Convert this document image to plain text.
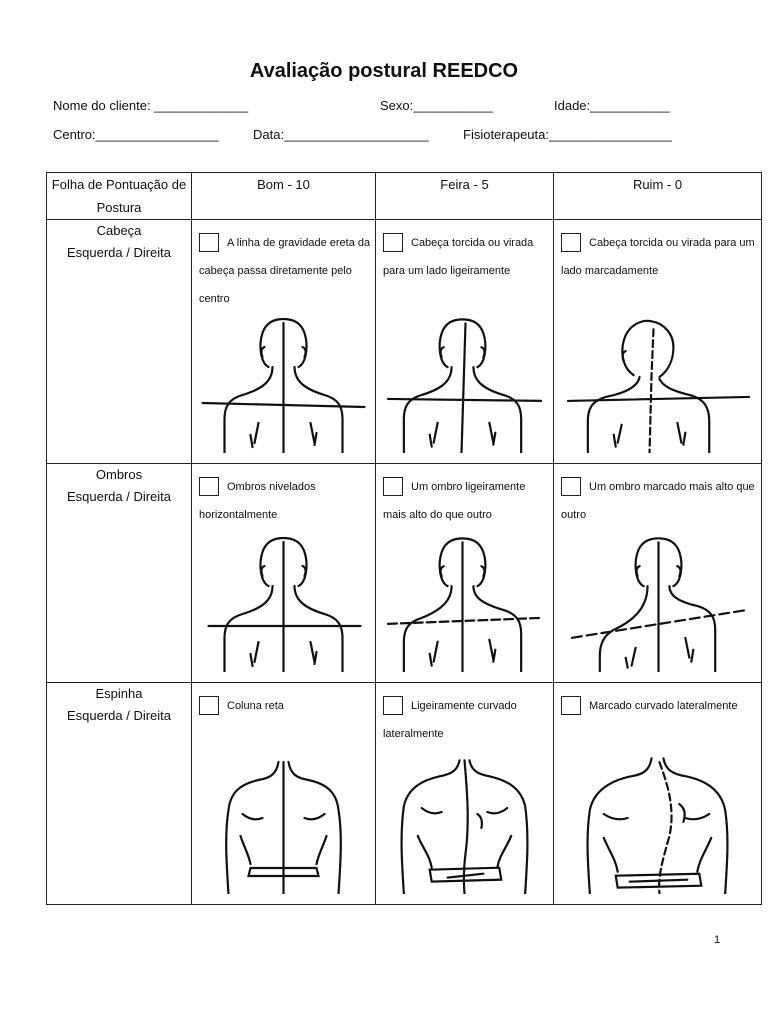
Avaliação postural REEDCO
Nome do cliente: _____________	Sexo:___________	Idade:___________
Centro:_________________	Data:____________________	Fisioterapeuta:_________________
Folha de Pontuação de Postura	Bom - 10	Feira - 5	Ruim - 0

Cabeça
Esquerda / Direita	A linha de gravidade ereta da cabeça passa diretamente pelo centro	Cabeça torcida ou virada para um lado ligeiramente	Cabeça torcida ou virada para um lado marcadamente

Ombros
Esquerda / Direita	Ombros nivelados horizontalmente	Um ombro ligeiramente mais alto do que outro	Um ombro marcado mais alto que outro

Espinha
Esquerda / Direita	Coluna reta	Ligeiramente curvado lateralmente	Marcado curvado lateralmente
1
